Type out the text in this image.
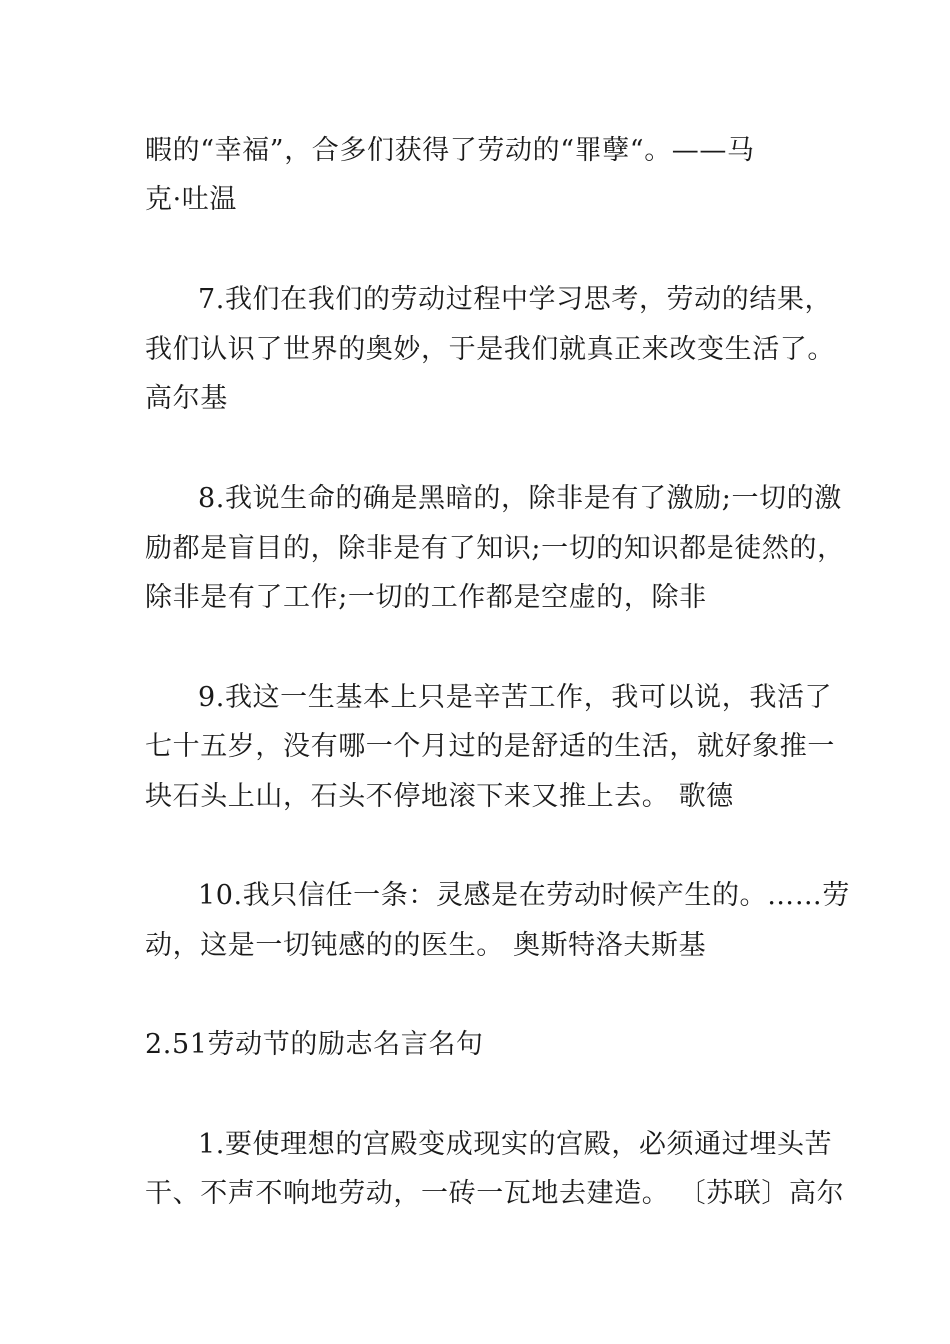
暇的“幸福”，合多们获得了劳动的“罪孽“。——马
克·吐温
7.我们在我们的劳动过程中学习思考，劳动的结果，
我们认识了世界的奥妙，于是我们就真正来改变生活了。
高尔基
8.我说生命的确是黑暗的，除非是有了激励;一切的激
励都是盲目的，除非是有了知识;一切的知识都是徒然的，
除非是有了工作;一切的工作都是空虚的，除非
9.我这一生基本上只是辛苦工作，我可以说，我活了
七十五岁，没有哪一个月过的是舒适的生活，就好象推一
块石头上山，石头不停地滚下来又推上去。 歌德
10.我只信任一条：灵感是在劳动时候产生的。……劳
动，这是一切钝感的的医生。 奥斯特洛夫斯基
2.51劳动节的励志名言名句
1.要使理想的宫殿变成现实的宫殿，必须通过埋头苦
干、不声不响地劳动，一砖一瓦地去建造。 〔苏联〕高尔
